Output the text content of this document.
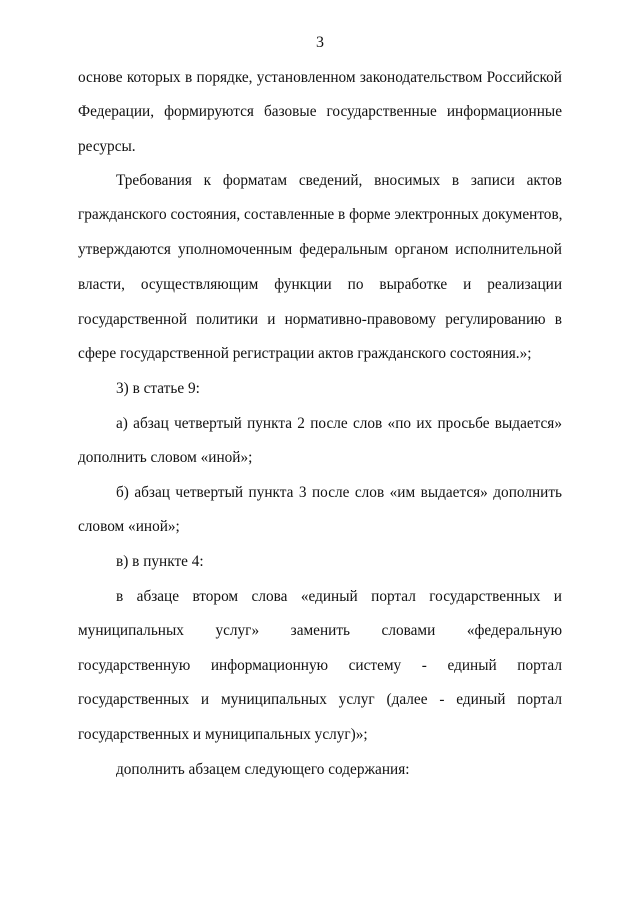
3
основе которых в порядке, установленном законодательством Российской
Федерации, формируются базовые государственные информационные
ресурсы.
Требования к форматам сведений, вносимых в записи актов
гражданского состояния, составленные в форме электронных документов,
утверждаются уполномоченным федеральным органом исполнительной
власти, осуществляющим функции по выработке и реализации
государственной политики и нормативно-правовому регулированию в
сфере государственной регистрации актов гражданского состояния.»;
3) в статье 9:
а) абзац четвертый пункта 2 после слов «по их просьбе выдается»
дополнить словом «иной»;
б) абзац четвертый пункта 3 после слов «им выдается» дополнить
словом «иной»;
в) в пункте 4:
в абзаце втором слова «единый портал государственных и
муниципальных услуг» заменить словами «федеральную
государственную информационную систему - единый портал
государственных и муниципальных услуг (далее - единый портал
государственных и муниципальных услуг)»;
дополнить абзацем следующего содержания:
